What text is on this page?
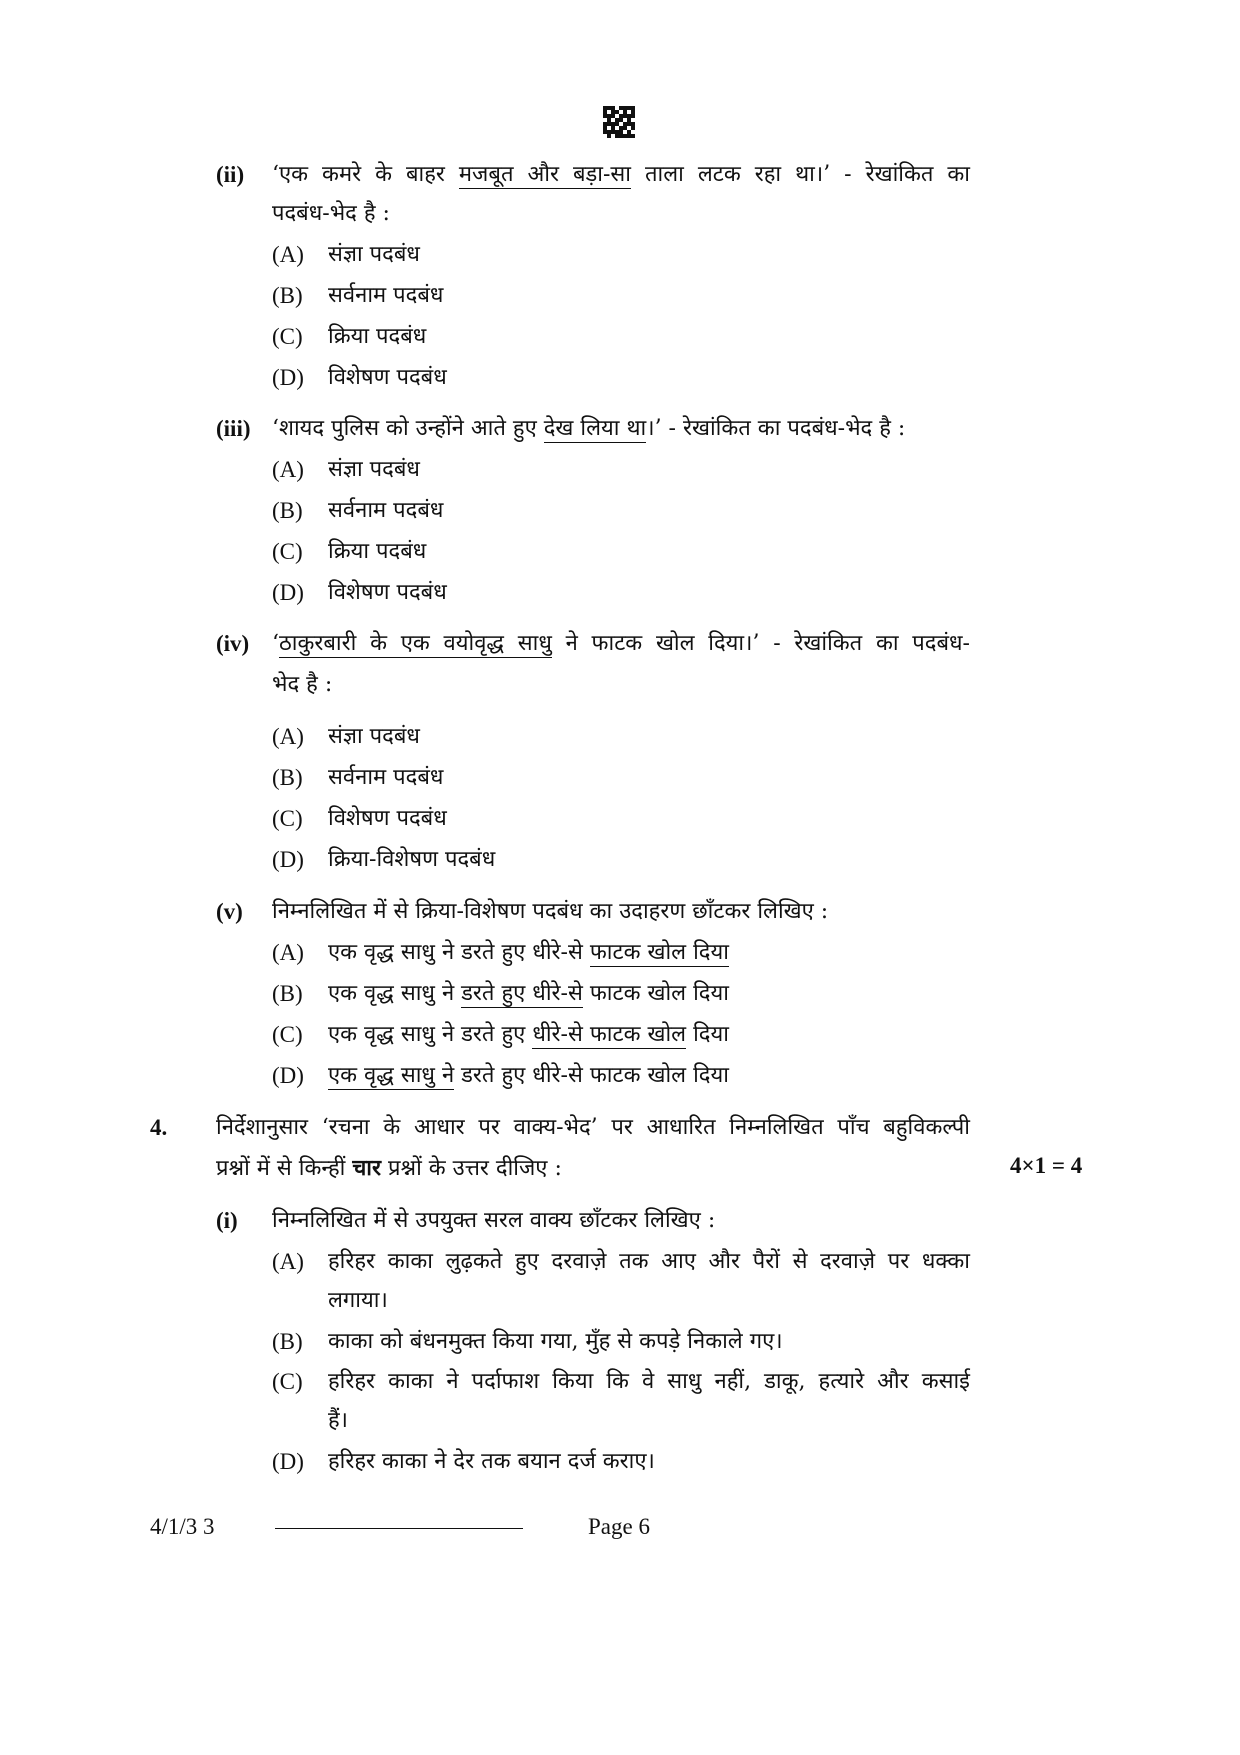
(ii) ‘एक कमरे के बाहर मजबूत और बड़ा-सा ताला लटक रहा था।’ - रेखांकित का
पदबंध-भेद है :
(A) संज्ञा पदबंध
(B) सर्वनाम पदबंध
(C) क्रिया पदबंध
(D) विशेषण पदबंध
(iii) ‘शायद पुलिस को उन्होंने आते हुए देख लिया था।’ - रेखांकित का पदबंध-भेद है :
(A) संज्ञा पदबंध
(B) सर्वनाम पदबंध
(C) क्रिया पदबंध
(D) विशेषण पदबंध
(iv) ‘ठाकुरबारी के एक वयोवृद्ध साधु ने फाटक खोल दिया।’ - रेखांकित का पदबंध-
भेद है :
(A) संज्ञा पदबंध
(B) सर्वनाम पदबंध
(C) विशेषण पदबंध
(D) क्रिया-विशेषण पदबंध
(v) निम्नलिखित में से क्रिया-विशेषण पदबंध का उदाहरण छाँटकर लिखिए :
(A) एक वृद्ध साधु ने डरते हुए धीरे-से फाटक खोल दिया
(B) एक वृद्ध साधु ने डरते हुए धीरे-से फाटक खोल दिया
(C) एक वृद्ध साधु ने डरते हुए धीरे-से फाटक खोल दिया
(D) एक वृद्ध साधु ने डरते हुए धीरे-से फाटक खोल दिया
4. निर्देशानुसार ‘रचना के आधार पर वाक्य-भेद’ पर आधारित निम्नलिखित पाँच बहुविकल्पी
प्रश्नों में से किन्हीं चार प्रश्नों के उत्तर दीजिए :	4×1 = 4
(i) निम्नलिखित में से उपयुक्त सरल वाक्य छाँटकर लिखिए :
(A) हरिहर काका लुढ़कते हुए दरवाज़े तक आए और पैरों से दरवाज़े पर धक्का
लगाया।
(B) काका को बंधनमुक्त किया गया, मुँह से कपड़े निकाले गए।
(C) हरिहर काका ने पर्दाफाश किया कि वे साधु नहीं, डाकू, हत्यारे और कसाई
हैं।
(D) हरिहर काका ने देर तक बयान दर्ज कराए।
4/1/3 3	Page 6
